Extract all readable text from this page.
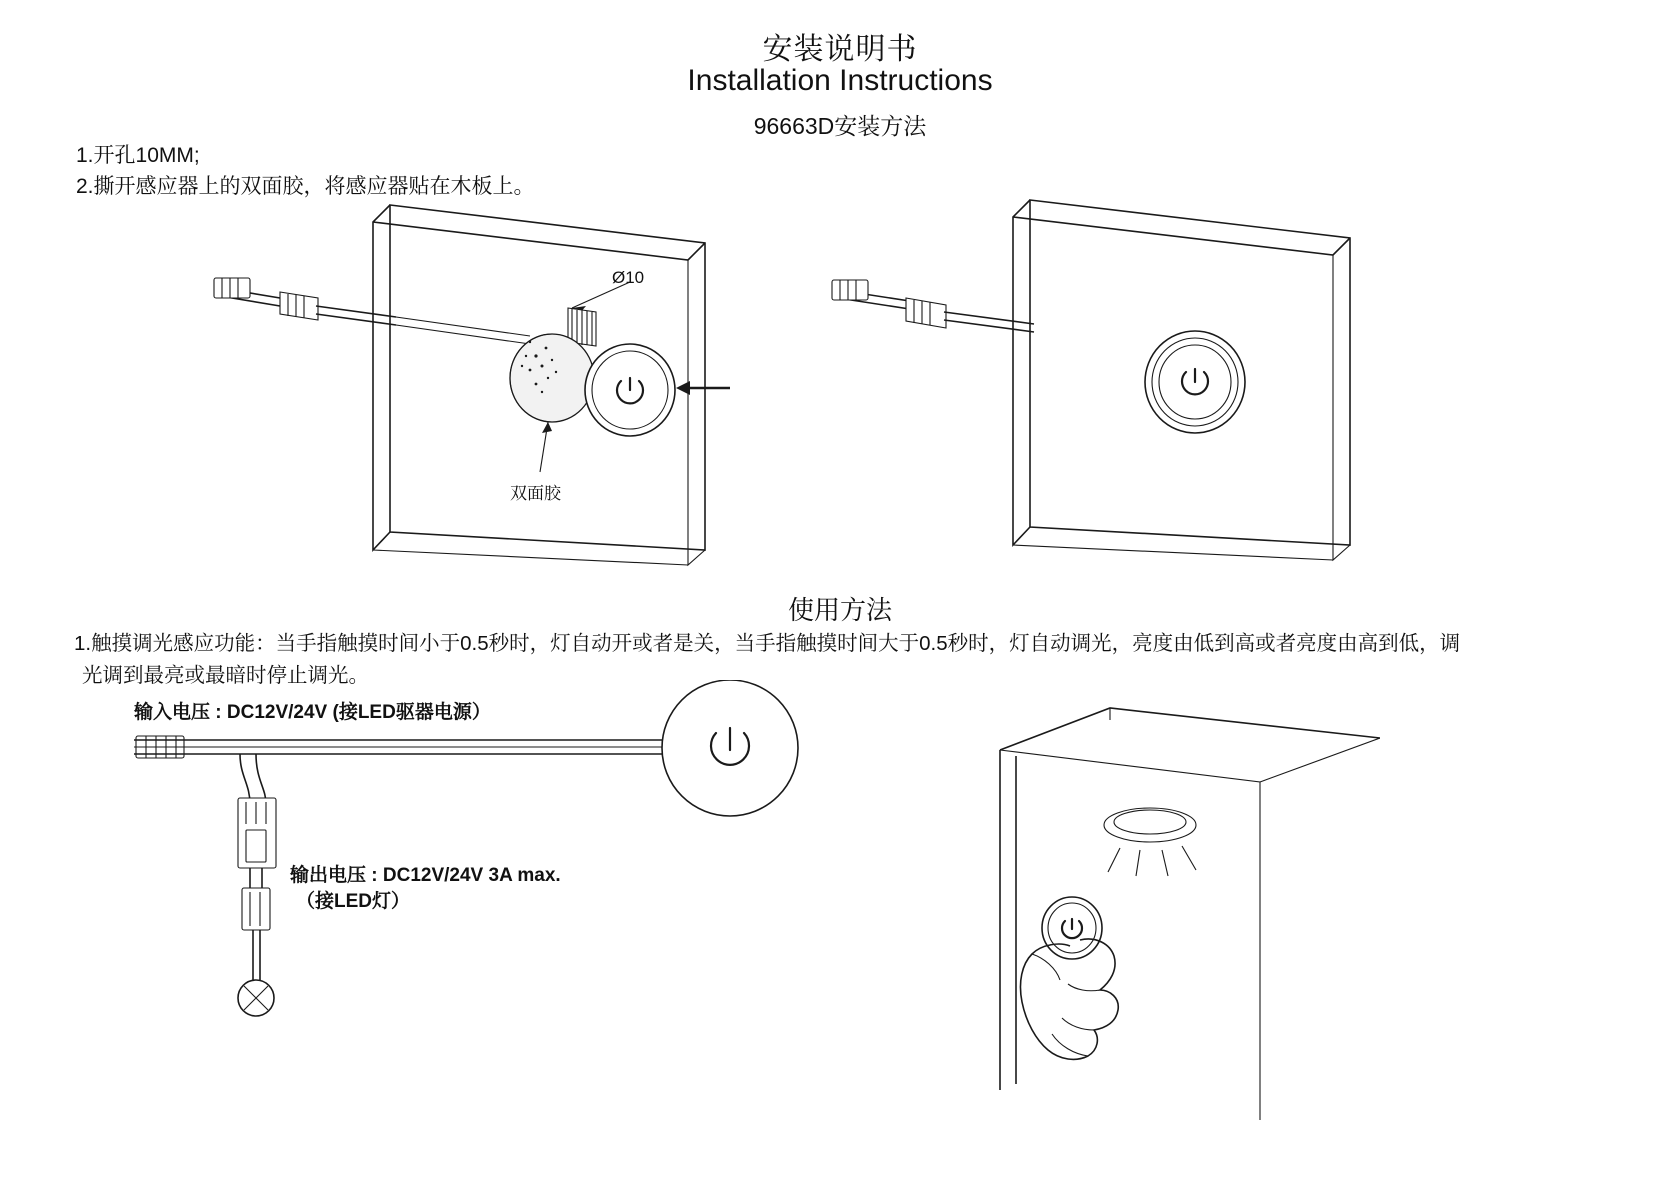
安装说明书
Installation Instructions
96663D安装方法
1.开孔10MM;
2.撕开感应器上的双面胶，将感应器贴在木板上。
Ø10
双面胶
使用方法
1.触摸调光感应功能：当手指触摸时间小于0.5秒时，灯自动开或者是关，当手指触摸时间大于0.5秒时，灯自动调光，亮度由低到高或者亮度由高到低，调
光调到最亮或最暗时停止调光。
输入电压 : DC12V/24V (接LED驱器电源）
输出电压 : DC12V/24V 3A max.
（接LED灯）
